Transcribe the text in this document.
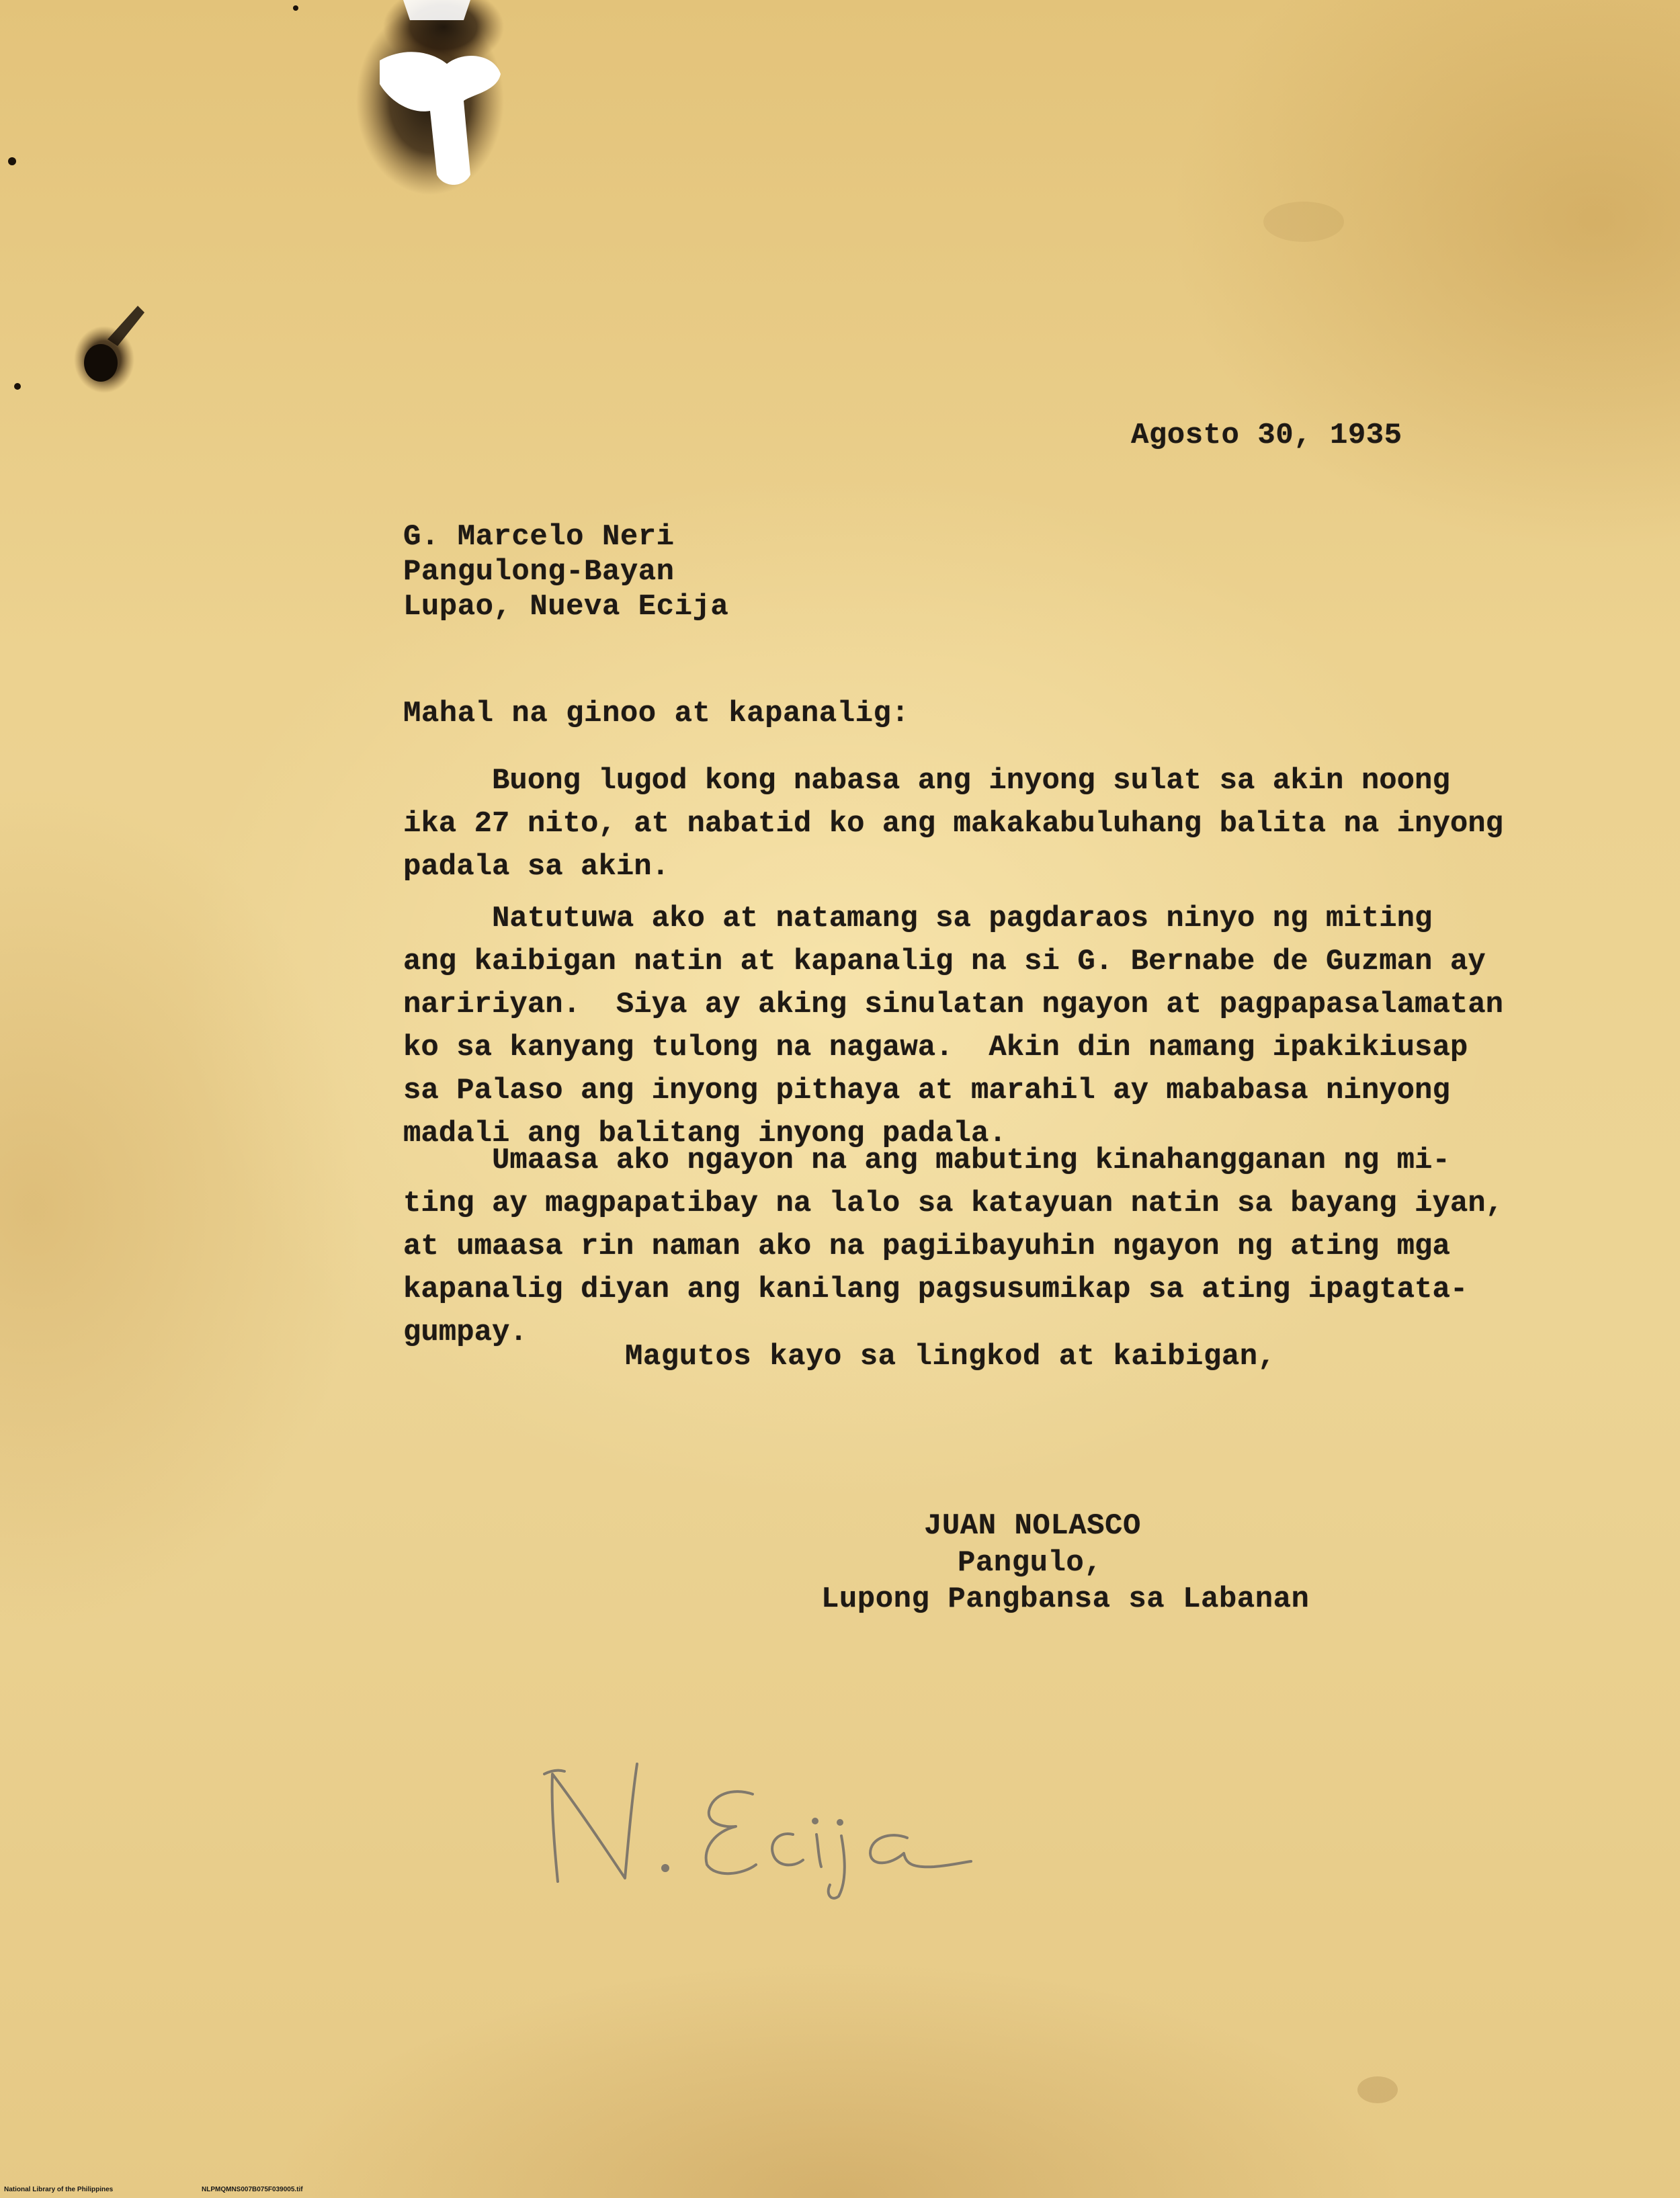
Agosto 30, 1935
G. Marcelo Neri
Pangulong-Bayan
Lupao, Nueva Ecija
Mahal na ginoo at kapanalig:
Buong lugod kong nabasa ang inyong sulat sa akin noong
ika 27 nito, at nabatid ko ang makakabuluhang balita na inyong
padala sa akin.
Natutuwa ako at natamang sa pagdaraos ninyo ng miting
ang kaibigan natin at kapanalig na si G. Bernabe de Guzman ay
naririyan.  Siya ay aking sinulatan ngayon at pagpapasalamatan
ko sa kanyang tulong na nagawa.  Akin din namang ipakikiusap
sa Palaso ang inyong pithaya at marahil ay mababasa ninyong
madali ang balitang inyong padala.
Umaasa ako ngayon na ang mabuting kinahangganan ng mi-
ting ay magpapatibay na lalo sa katayuan natin sa bayang iyan,
at umaasa rin naman ako na pagiibayuhin ngayon ng ating mga
kapanalig diyan ang kanilang pagsusumikap sa ating ipagtata-
gumpay.
Magutos kayo sa lingkod at kaibigan,
JUAN NOLASCO
Pangulo,
Lupong Pangbansa sa Labanan
National Library of the Philippines	NLPMQMNS007B075F039005.tif
